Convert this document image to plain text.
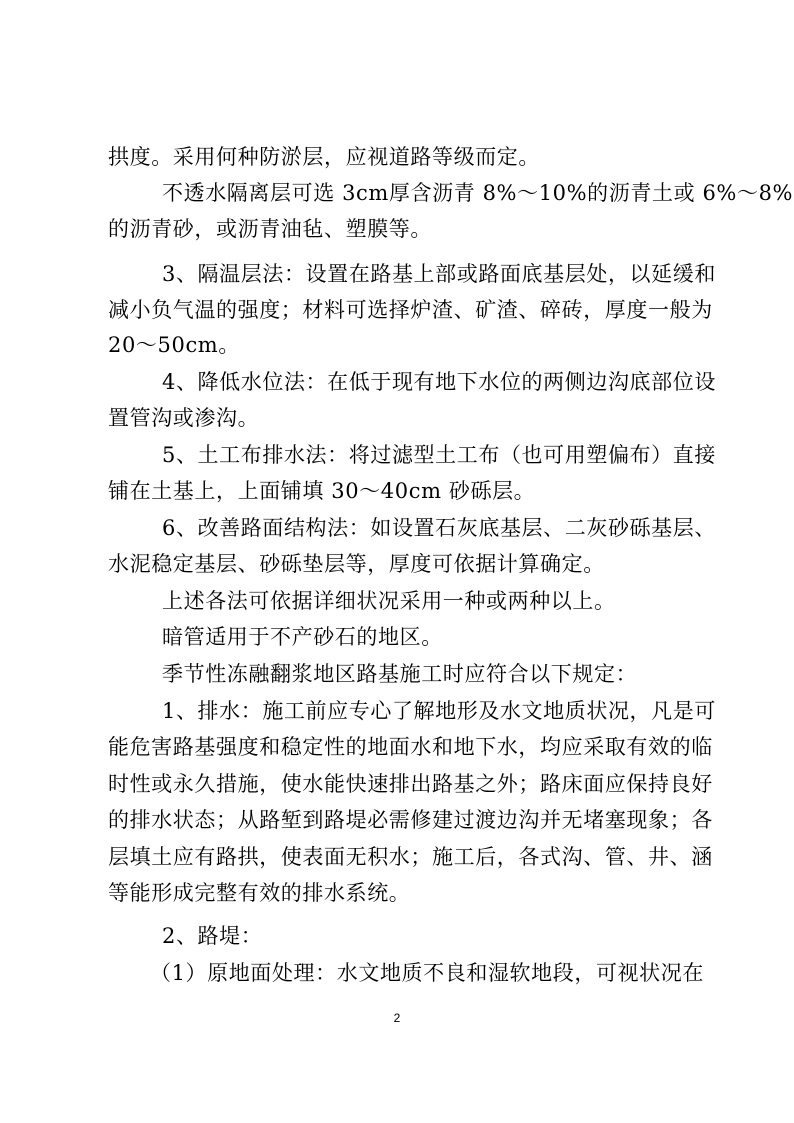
拱度。采用何种防淤层，应视道路等级而定。

不透水隔离层可选 3cm厚含沥青 8%～10%的沥青土或 6%～8%

的沥青砂，或沥青油毡、塑膜等。

3、隔温层法：设置在路基上部或路面底基层处，以延缓和

减小负气温的强度；材料可选择炉渣、矿渣、碎砖，厚度一般为

20～50cm。

4、降低水位法：在低于现有地下水位的两侧边沟底部位设

置管沟或渗沟。

5、土工布排水法：将过滤型土工布（也可用塑偏布）直接

铺在土基上，上面铺填 30～40cm 砂砾层。

6、改善路面结构法：如设置石灰底基层、二灰砂砾基层、

水泥稳定基层、砂砾垫层等，厚度可依据计算确定。

上述各法可依据详细状况采用一种或两种以上。

暗管适用于不产砂石的地区。

季节性冻融翻浆地区路基施工时应符合以下规定：

1、排水：施工前应专心了解地形及水文地质状况，凡是可

能危害路基强度和稳定性的地面水和地下水，均应采取有效的临

时性或永久措施，使水能快速排出路基之外；路床面应保持良好

的排水状态；从路堑到路堤必需修建过渡边沟并无堵塞现象；各

层填土应有路拱，使表面无积水；施工后，各式沟、管、井、涵

等能形成完整有效的排水系统。

2、路堤：

（1）原地面处理：水文地质不良和湿软地段，可视状况在

2
